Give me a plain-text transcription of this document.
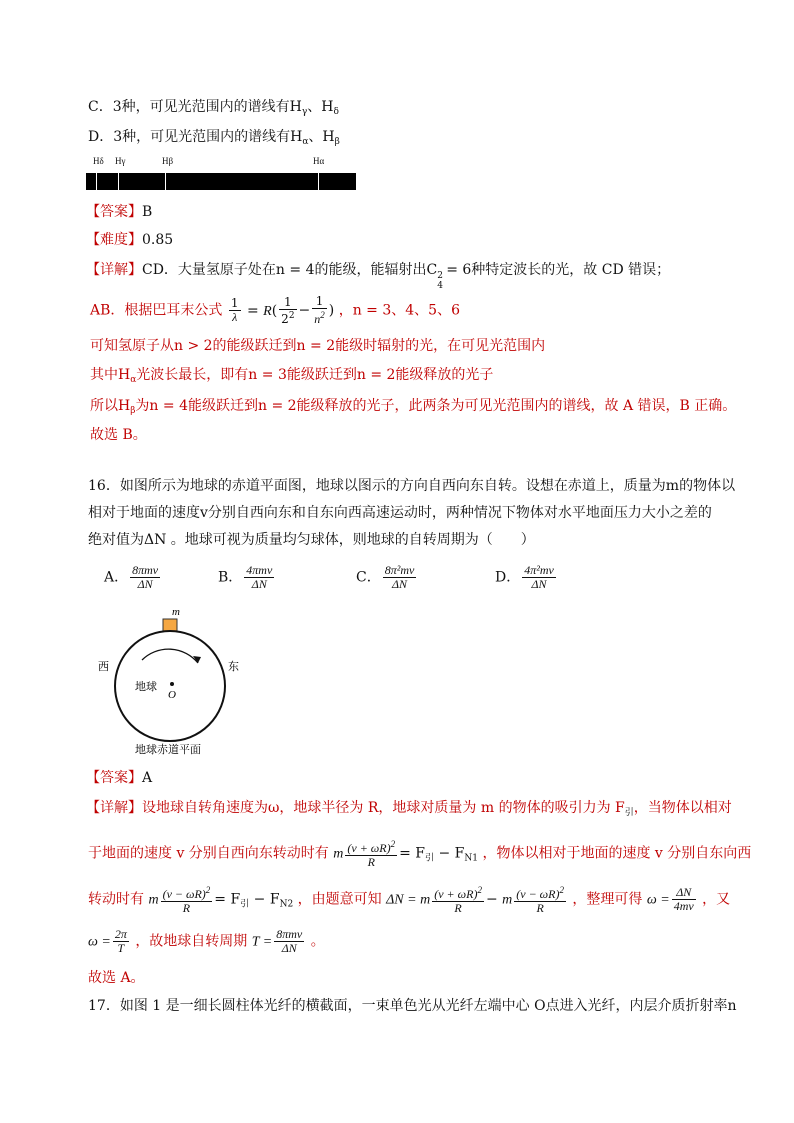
C．3种，可见光范围内的谱线有$H_\gamma$、$H_\delta$
D．3种，可见光范围内的谱线有$H_\alpha$、$H_\beta$
Hδ Hγ	Hβ	Hα
【答案】B
【难度】0.85
【详解】CD．大量氢原子处在n = 4的能级，能辐射出C 2
4
= 6种特定波长的光，故 CD 错误；
AB．根据巴耳末公式 $\frac{1}{\lambda} = R( \frac{1}{2^2} - \frac{1}{n^2}$ ) ，n = 3、4、5、6
可知氢原子从n > 2的能级跃迁到n = 2能级时辐射的光，在可见光范围内
其中$H_\alpha$光波长最长，即有n = 3能级跃迁到n = 2能级释放的光子
所以$H_\beta$为n = 4能级跃迁到n = 2能级释放的光子，此两条为可见光范围内的谱线，故 A 错误，B 正确。
故选 B。
16．如图所示为地球的赤道平面图，地球以图示的方向自西向东自转。设想在赤道上，质量为m的物体以
相对于地面的速度v分别自西向东和自东向西高速运动时，两种情况下物体对水平地面压力大小之差的
绝对值为ΔN 。地球可视为质量均匀球体，则地球的自转周期为（　　）
A． $\frac{\text{8πmv}}{\Delta N}$	B． $\frac{\text{4πmv}}{\Delta N}$	C． $\frac{\text{8π²mv}}{\Delta N}$	D． $\frac{\text{4π²mv}}{\Delta N}$
m
西	东
地球
O
地球赤道平面
【答案】A
【详解】设地球自转角速度为ω，地球半径为 R，地球对质量为 m 的物体的吸引力为 $F_引$，当物体以相对
于地面的速度 v 分别自西向东转动时有 m $\frac{(v + \omega R)^2}{R} = F_引 - F_{N1}$ ，物体以相对于地面的速度 v 分别自东向西
转动时有 m $\frac{(v - \omega R)^2}{R} = F_引 - F_{N2}$ ，由题意可知 ΔN = m $\frac{(v + \omega R)^2}{R} - m \frac{(v - \omega R)^2}{R}$ ，整理可得 $\omega = \frac{\Delta N}{4mv}$ ，又
$\omega = \frac{2\pi}{T}$ ，故地球自转周期 $T = \frac{\text{8πmv}}{\Delta N}$ 。
故选 A。
17．如图 1 是一细长圆柱体光纤的横截面，一束单色光从光纤左端中心 O点进入光纤，内层介质折射率n
